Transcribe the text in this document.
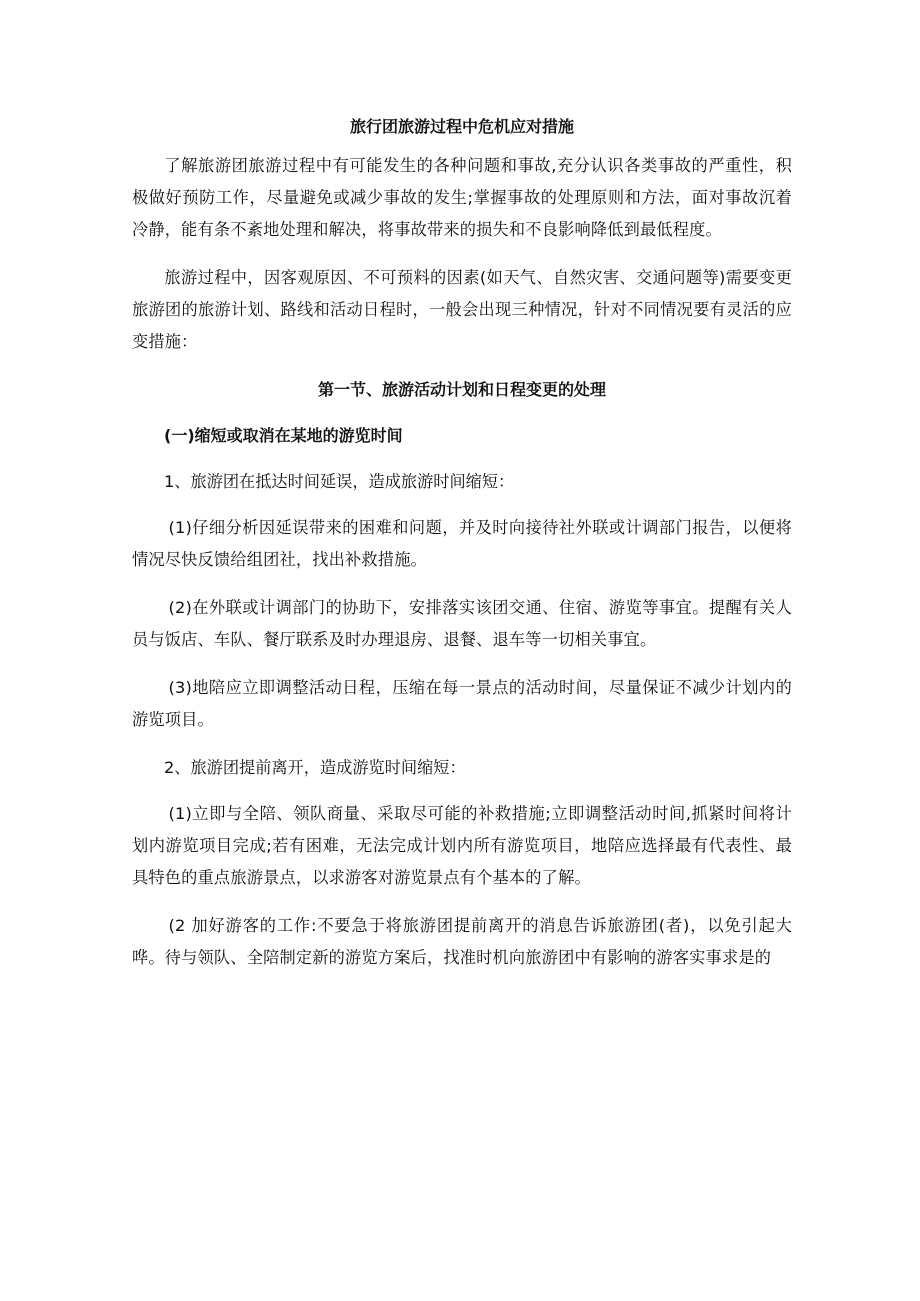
旅行团旅游过程中危机应对措施

了解旅游团旅游过程中有可能发生的各种问题和事故,充分认识各类事故的严重性，积极做好预防工作，尽量避免或减少事故的发生;掌握事故的处理原则和方法，面对事故沉着冷静，能有条不紊地处理和解决，将事故带来的损失和不良影响降低到最低程度。

旅游过程中，因客观原因、不可预料的因素(如天气、自然灾害、交通问题等)需要变更旅游团的旅游计划、路线和活动日程时，一般会出现三种情况，针对不同情况要有灵活的应变措施：

第一节、旅游活动计划和日程变更的处理
(一)缩短或取消在某地的游览时间

1、旅游团在抵达时间延误，造成旅游时间缩短：

(1)仔细分析因延误带来的困难和问题，并及时向接待社外联或计调部门报告，以便将情况尽快反馈给组团社，找出补救措施。

(2)在外联或计调部门的协助下，安排落实该团交通、住宿、游览等事宜。提醒有关人员与饭店、车队、餐厅联系及时办理退房、退餐、退车等一切相关事宜。

(3)地陪应立即调整活动日程，压缩在每一景点的活动时间，尽量保证不减少计划内的游览项目。

2、旅游团提前离开，造成游览时间缩短：

(1)立即与全陪、领队商量、采取尽可能的补救措施;立即调整活动时间,抓紧时间将计划内游览项目完成;若有困难，无法完成计划内所有游览项目，地陪应选择最有代表性、最具特色的重点旅游景点，以求游客对游览景点有个基本的了解。

(2 加好游客的工作:不要急于将旅游团提前离开的消息告诉旅游团(者)，以免引起大哗。待与领队、全陪制定新的游览方案后，找准时机向旅游团中有影响的游客实事求是的
